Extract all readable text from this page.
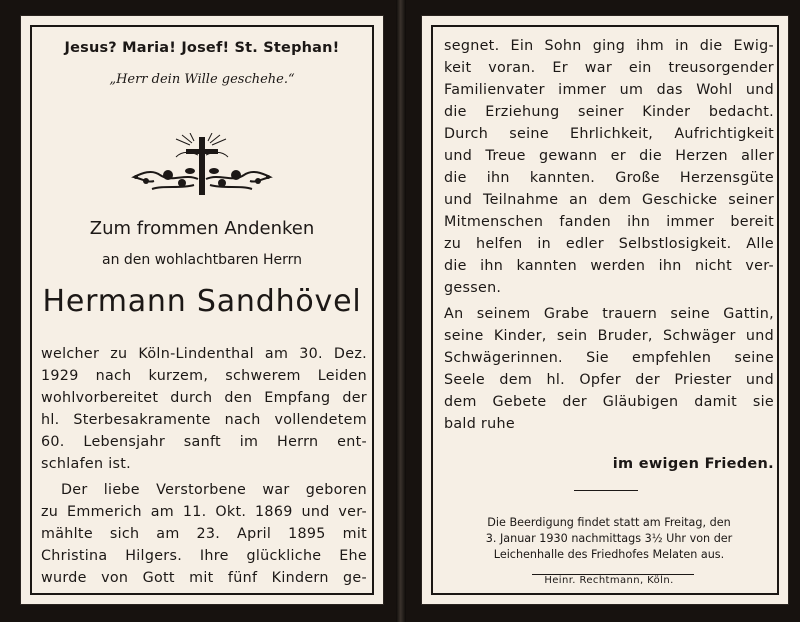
Jesus? Maria! Josef! St. Stephan!
„Herr dein Wille geschehe.“
Zum frommen Andenken
an den wohlachtbaren Herrn
Hermann Sandhövel
welcher zu Köln-Lindenthal am 30. Dez.
1929 nach kurzem, schwerem Leiden
wohlvorbereitet durch den Empfang der
hl. Sterbesakramente nach vollendetem
60. Lebensjahr sanft im Herrn ent-
schlafen ist.
Der liebe Verstorbene war geboren
zu Emmerich am 11. Okt. 1869 und ver-
mählte sich am 23. April 1895 mit
Christina Hilgers. Ihre glückliche Ehe
wurde von Gott mit fünf Kindern ge-
segnet. Ein Sohn ging ihm in die Ewig-
keit voran. Er war ein treusorgender
Familienvater immer um das Wohl und
die Erziehung seiner Kinder bedacht.
Durch seine Ehrlichkeit, Aufrichtigkeit
und Treue gewann er die Herzen aller
die ihn kannten. Große Herzensgüte
und Teilnahme an dem Geschicke seiner
Mitmenschen fanden ihn immer bereit
zu helfen in edler Selbstlosigkeit. Alle
die ihn kannten werden ihn nicht ver-
gessen.
An seinem Grabe trauern seine Gattin,
seine Kinder, sein Bruder, Schwäger und
Schwägerinnen. Sie empfehlen seine
Seele dem hl. Opfer der Priester und
dem Gebete der Gläubigen damit sie
bald ruhe
im ewigen Frieden.
Die Beerdigung findet statt am Freitag, den
3. Januar 1930 nachmittags 3½ Uhr von der
Leichenhalle des Friedhofes Melaten aus.
Heinr. Rechtmann, Köln.
